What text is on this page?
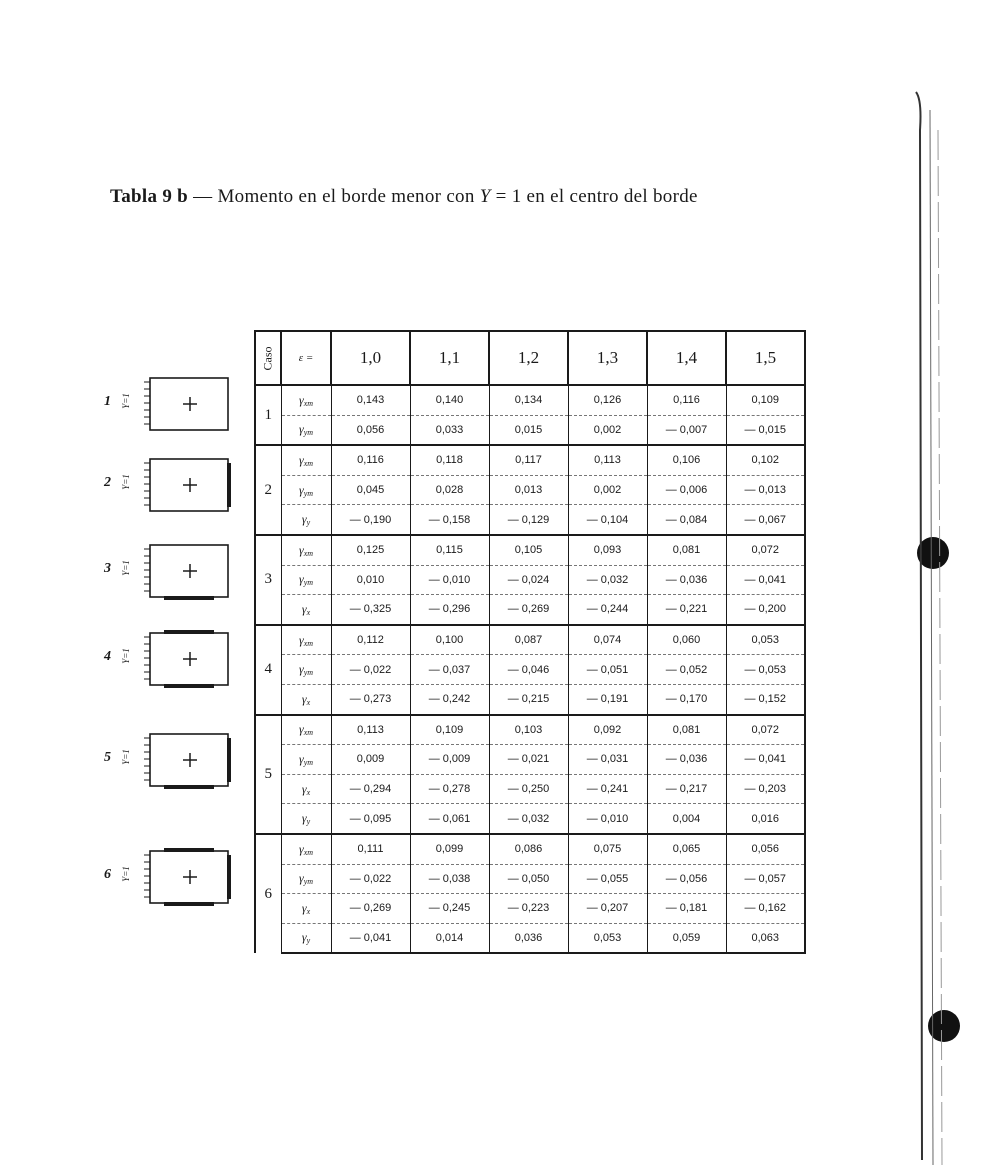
Tabla 9 b — Momento en el borde menor con Y = 1 en el centro del borde
Caso	ε =	1,0	1,1	1,2	1,3	1,4	1,5
1	$\gamma_{xm}$	0,143	0,140	0,134	0,126	0,116	0,109
	$\gamma_{ym}$	0,056	0,033	0,015	0,002	— 0,007	— 0,015
2	$\gamma_{xm}$	0,116	0,118	0,117	0,113	0,106	0,102
	$\gamma_{ym}$	0,045	0,028	0,013	0,002	— 0,006	— 0,013
	$\gamma_y$	— 0,190	— 0,158	— 0,129	— 0,104	— 0,084	— 0,067
3	$\gamma_{xm}$	0,125	0,115	0,105	0,093	0,081	0,072
	$\gamma_{ym}$	0,010	— 0,010	— 0,024	— 0,032	— 0,036	— 0,041
	$\gamma_x$	— 0,325	— 0,296	— 0,269	— 0,244	— 0,221	— 0,200
4	$\gamma_{xm}$	0,112	0,100	0,087	0,074	0,060	0,053
	$\gamma_{ym}$	— 0,022	— 0,037	— 0,046	— 0,051	— 0,052	— 0,053
	$\gamma_x$	— 0,273	— 0,242	— 0,215	— 0,191	— 0,170	— 0,152
5	$\gamma_{xm}$	0,113	0,109	0,103	0,092	0,081	0,072
	$\gamma_{ym}$	0,009	— 0,009	— 0,021	— 0,031	— 0,036	— 0,041
	$\gamma_x$	— 0,294	— 0,278	— 0,250	— 0,241	— 0,217	— 0,203
	$\gamma_y$	— 0,095	— 0,061	— 0,032	— 0,010	0,004	0,016
6	$\gamma_{xm}$	0,111	0,099	0,086	0,075	0,065	0,056
	$\gamma_{ym}$	— 0,022	— 0,038	— 0,050	— 0,055	— 0,056	— 0,057
	$\gamma_x$	— 0,269	— 0,245	— 0,223	— 0,207	— 0,181	— 0,162
	$\gamma_y$	— 0,041	0,014	0,036	0,053	0,059	0,063
1 Y=1
2 Y=1
3 Y=1
4 Y=1
5 Y=1
6 Y=1
